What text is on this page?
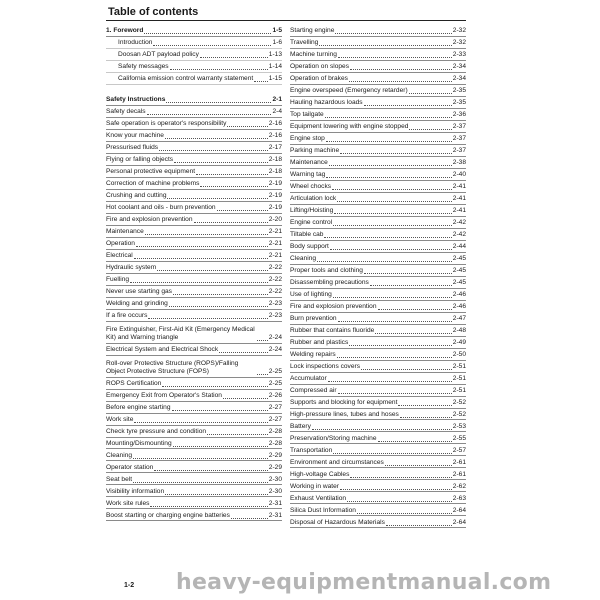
Table of contents
1. Foreword	1-5
Introduction	1-6
Doosan ADT payload policy	1-13
Safety messages	1-14
California emission control warranty statement 1-15
Safety Instructions	2-1
Safety decals	2-4
Safe operation is operator's responsibility	2-16
Know your machine	2-16
Pressurised fluids	2-17
Flying or falling objects	2-18
Personal protective equipment	2-18
Correction of machine problems	2-19
Crushing and cutting	2-19
Hot coolant and oils - burn prevention	2-19
Fire and explosion prevention	2-20
Maintenance	2-21
Operation	2-21
Electrical	2-21
Hydraulic system	2-22
Fuelling	2-22
Never use starting gas	2-22
Welding and grinding	2-23
If a fire occurs	2-23
Fire Extinguisher, First-Aid Kit (Emergency Medical Kit) and Warning triangle	2-24
Electrical System and Electrical Shock	2-24
Roll-over Protective Structure (ROPS)/Falling Object Protective Structure (FOPS)	2-25
ROPS Certification	2-25
Emergency Exit from Operator's Station	2-26
Before engine starting	2-27
Work site	2-27
Check tyre pressure and condition	2-28
Mounting/Dismounting	2-28
Cleaning	2-29
Operator station	2-29
Seat belt	2-30
Visibility information	2-30
Work site rules	2-31
Boost starting or charging engine batteries	2-31
Starting engine	2-32
Travelling	2-32
Machine turning	2-33
Operation on slopes	2-34
Operation of brakes	2-34
Engine overspeed (Emergency retarder)	2-35
Hauling hazardous loads	2-35
Top tailgate	2-36
Equipment lowering with engine stopped	2-37
Engine stop	2-37
Parking machine	2-37
Maintenance	2-38
Warning tag	2-40
Wheel chocks	2-41
Articulation lock	2-41
Lifting/Hoisting	2-41
Engine control	2-42
Tiltable cab	2-42
Body support	2-44
Cleaning	2-45
Proper tools and clothing	2-45
Disassembling precautions	2-45
Use of lighting	2-46
Fire and explosion prevention	2-46
Burn prevention	2-47
Rubber that contains fluoride	2-48
Rubber and plastics	2-49
Welding repairs	2-50
Lock inspections covers	2-51
Accumulator	2-51
Compressed air	2-51
Supports and blocking for equipment	2-52
High-pressure lines, tubes and hoses	2-52
Battery	2-53
Preservation/Storing machine	2-55
Transportation	2-57
Environment and circumstances	2-61
High-voltage Cables	2-61
Working in water	2-62
Exhaust Ventilation	2-63
Silica Dust Information	2-64
Disposal of Hazardous Materials	2-64
heavy-equipmentmanual.com
1-2
